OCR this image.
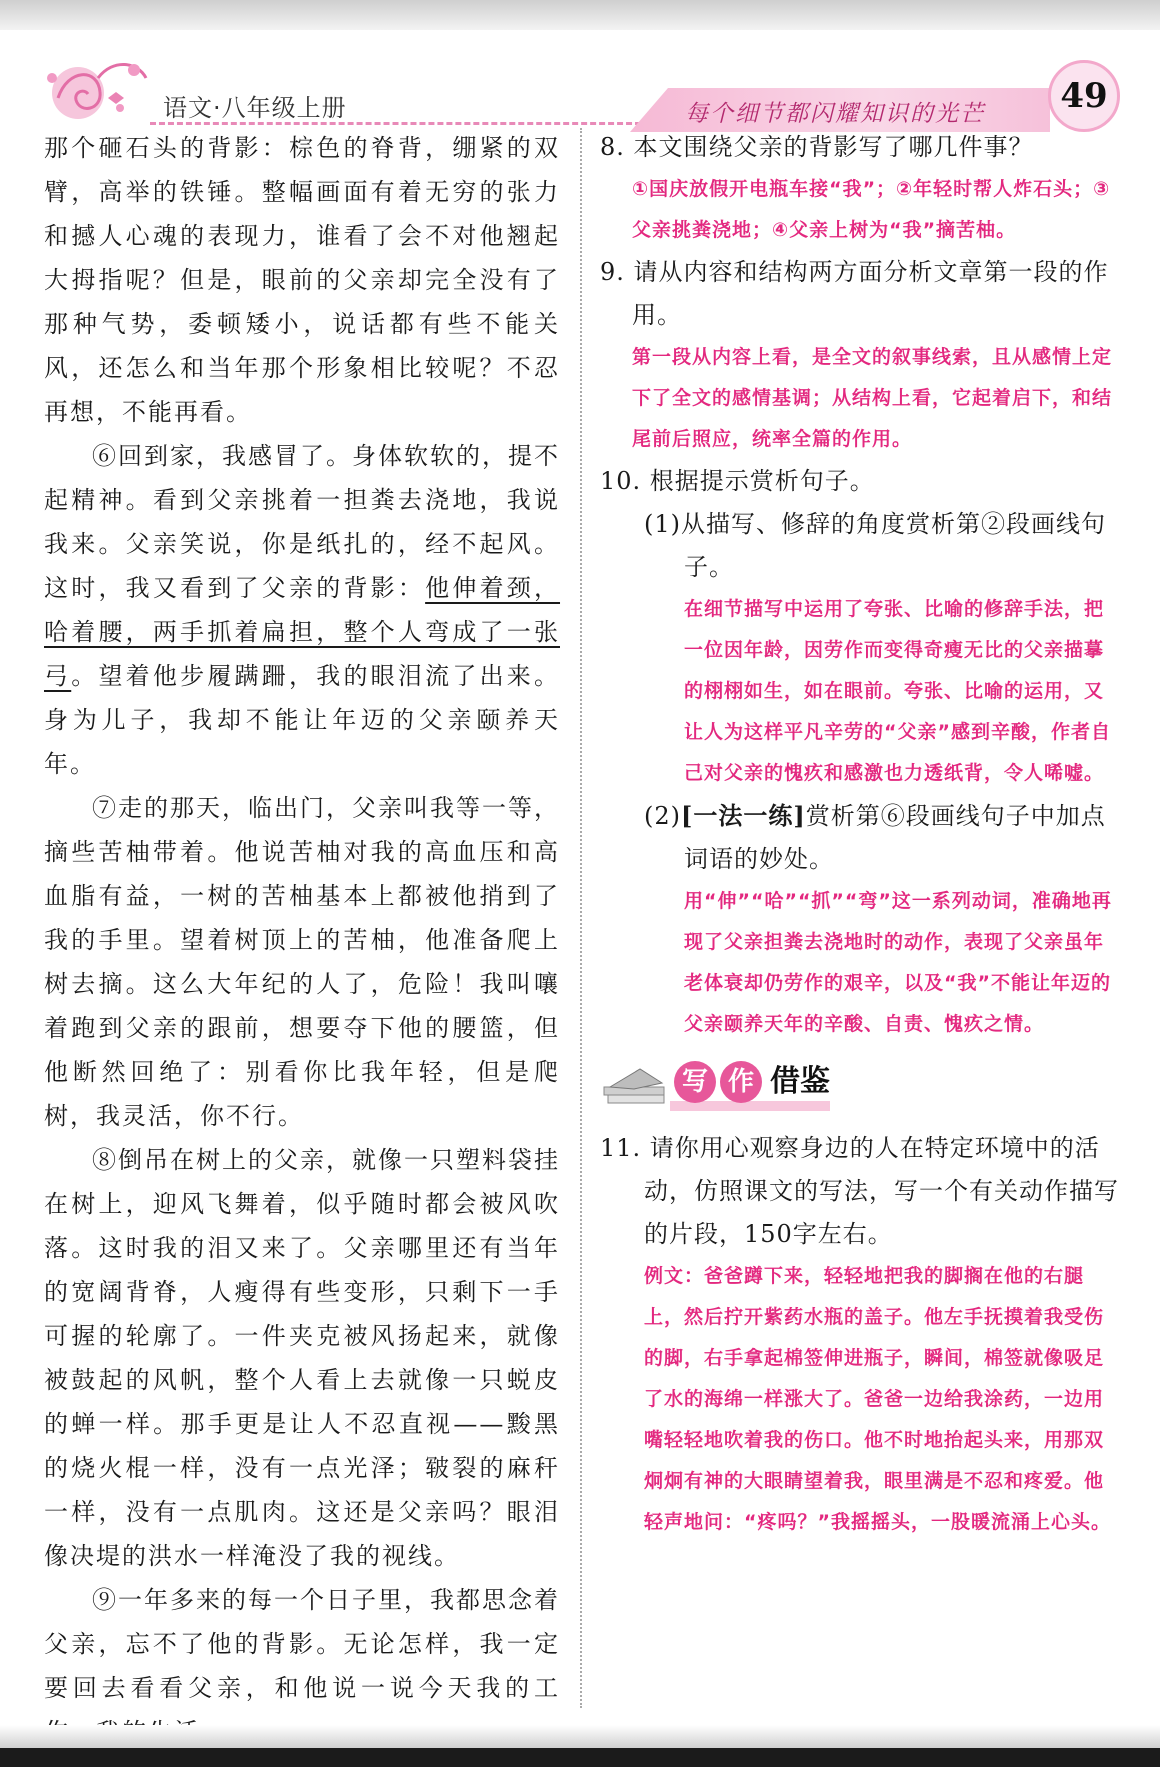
语文·八年级上册	每个细节都闪耀知识的光芒	49

那个砸石头的背影：棕色的脊背，绷紧的双臂，高举的铁锤。整幅画面有着无穷的张力和撼人心魂的表现力，谁看了会不对他翘起大拇指呢？但是，眼前的父亲却完全没有了那种气势，委顿矮小，说话都有些不能关风，还怎么和当年那个形象相比较呢？不忍再想，不能再看。

⑥回到家，我感冒了。身体软软的，提不起精神。看到父亲挑着一担粪去浇地，我说我来。父亲笑说，你是纸扎的，经不起风。这时，我又看到了父亲的背影：他伸着颈，哈着腰，两手抓着扁担，整个人弯成了一张弓。望着他步履蹒跚，我的眼泪流了出来。身为儿子，我却不能让年迈的父亲颐养天年。

⑦走的那天，临出门，父亲叫我等一等，摘些苦柚带着。他说苦柚对我的高血压和高血脂有益，一树的苦柚基本上都被他捎到了我的手里。望着树顶上的苦柚，他准备爬上树去摘。这么大年纪的人了，危险！我叫嚷着跑到父亲的跟前，想要夺下他的腰篮，但他断然回绝了：别看你比我年轻，但是爬树，我灵活，你不行。

⑧倒吊在树上的父亲，就像一只塑料袋挂在树上，迎风飞舞着，似乎随时都会被风吹落。这时我的泪又来了。父亲哪里还有当年的宽阔背脊，人瘦得有些变形，只剩下一手可握的轮廓了。一件夹克被风扬起来，就像被鼓起的风帆，整个人看上去就像一只蜕皮的蝉一样。那手更是让人不忍直视——黢黑的烧火棍一样，没有一点光泽；皲裂的麻秆一样，没有一点肌肉。这还是父亲吗？眼泪像决堤的洪水一样淹没了我的视线。

⑨一年多来的每一个日子里，我都思念着父亲，忘不了他的背影。无论怎样，我一定要回去看看父亲，和他说一说今天我的工

8. 本文围绕父亲的背影写了哪几件事？

①国庆放假开电瓶车接“我”；②年轻时帮人炸石头；③父亲挑粪浇地；④父亲上树为“我”摘苦柚。

9. 请从内容和结构两方面分析文章第一段的作用。

第一段从内容上看，是全文的叙事线索，且从感情上定下了全文的感情基调；从结构上看，它起着启下，和结尾前后照应，统率全篇的作用。

10. 根据提示赏析句子。

(1)从描写、修辞的角度赏析第②段画线句子。

在细节描写中运用了夸张、比喻的修辞手法，把一位因年龄，因劳作而变得奇瘦无比的父亲描摹的栩栩如生，如在眼前。夸张、比喻的运用，又让人为这样平凡辛劳的“父亲”感到辛酸，作者自己对父亲的愧疚和感激也力透纸背，令人唏嘘。

(2)[一法一练]赏析第⑥段画线句子中加点词语的妙处。

用“伸”“哈”“抓”“弯”这一系列动词，准确地再现了父亲担粪去浇地时的动作，表现了父亲虽年老体衰却仍劳作的艰辛，以及“我”不能让年迈的父亲颐养天年的辛酸、自责、愧疚之情。

写 作 借鉴

11. 请你用心观察身边的人在特定环境中的活动，仿照课文的写法，写一个有关动作描写的片段，150字左右。

例文：爸爸蹲下来，轻轻地把我的脚搁在他的右腿上，然后拧开紫药水瓶的盖子。他左手抚摸着我受伤的脚，右手拿起棉签伸进瓶子，瞬间，棉签就像吸足了水的海绵一样涨大了。爸爸一边给我涂药，一边用嘴轻轻地吹着我的伤口。他不时地抬起头来，用那双炯炯有神的大眼睛望着我，眼里满是不忍和疼爱。他轻声地问：“疼吗？”我摇摇头，一股暖流涌上心头。
